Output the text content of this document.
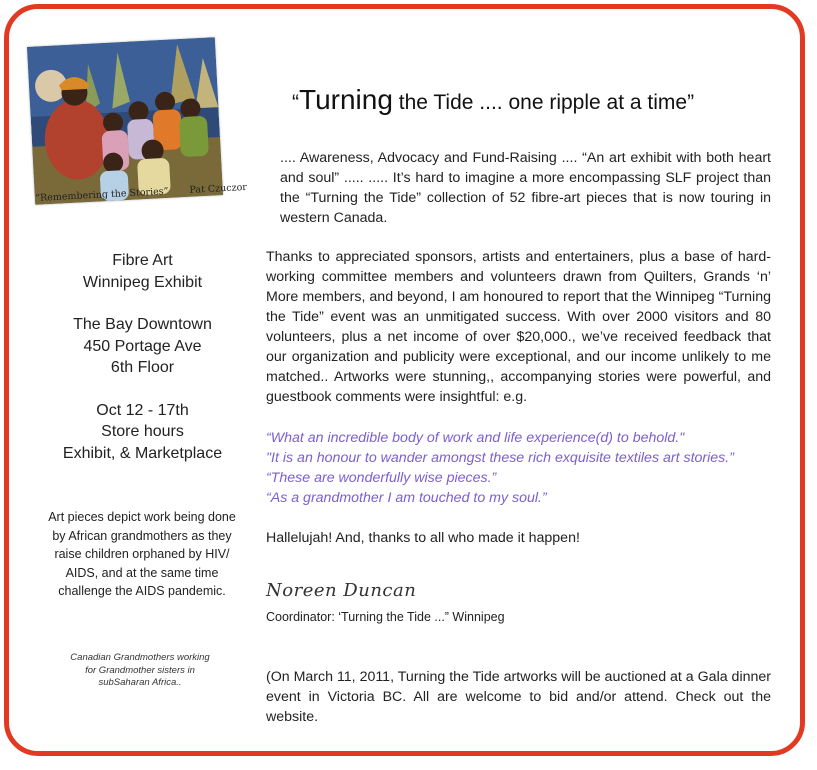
“Remembering the Stories” Pat Czuczor
Fibre Art
Winnipeg Exhibit
The Bay Downtown
450 Portage Ave
6th Floor
Oct 12 - 17th
Store hours
Exhibit, & Marketplace
Art pieces depict work being done by African grandmothers as they raise children orphaned by HIV/ AIDS, and at the same time challenge the AIDS pandemic.
Canadian Grandmothers working for Grandmother sisters in subSaharan Africa..
“Turning the Tide .... one ripple at a time”
.... Awareness, Advocacy and Fund-Raising .... “An art exhibit with both heart and soul” ..... ..... It’s hard to imagine a more encompassing SLF project than the “Turning the Tide” collection of 52 fibre-art pieces that is now touring in western Canada.
Thanks to appreciated sponsors, artists and entertainers, plus a base of hard-working committee members and volunteers drawn from Quilters, Grands ‘n’ More members, and beyond, I am honoured to report that the Winnipeg “Turning the Tide” event was an unmitigated success. With over 2000 visitors and 80 volunteers, plus a net income of over $20,000., we’ve received feedback that our organization and publicity were exceptional, and our income unlikely to me matched.. Artworks were stunning,, accompanying stories were powerful, and guestbook comments were insightful: e.g.
“What an incredible body of work and life experience(d) to behold."
"It is an honour to wander amongst these rich exquisite textiles art stories.”
“These are wonderfully wise pieces.”
“As a grandmother I am touched to my soul.”
Hallelujah! And, thanks to all who made it happen!
Noreen Duncan
Coordinator: ‘Turning the Tide ...” Winnipeg
(On March 11, 2011, Turning the Tide artworks will be auctioned at a Gala dinner event in Victoria BC. All are welcome to bid and/or attend. Check out the website.
